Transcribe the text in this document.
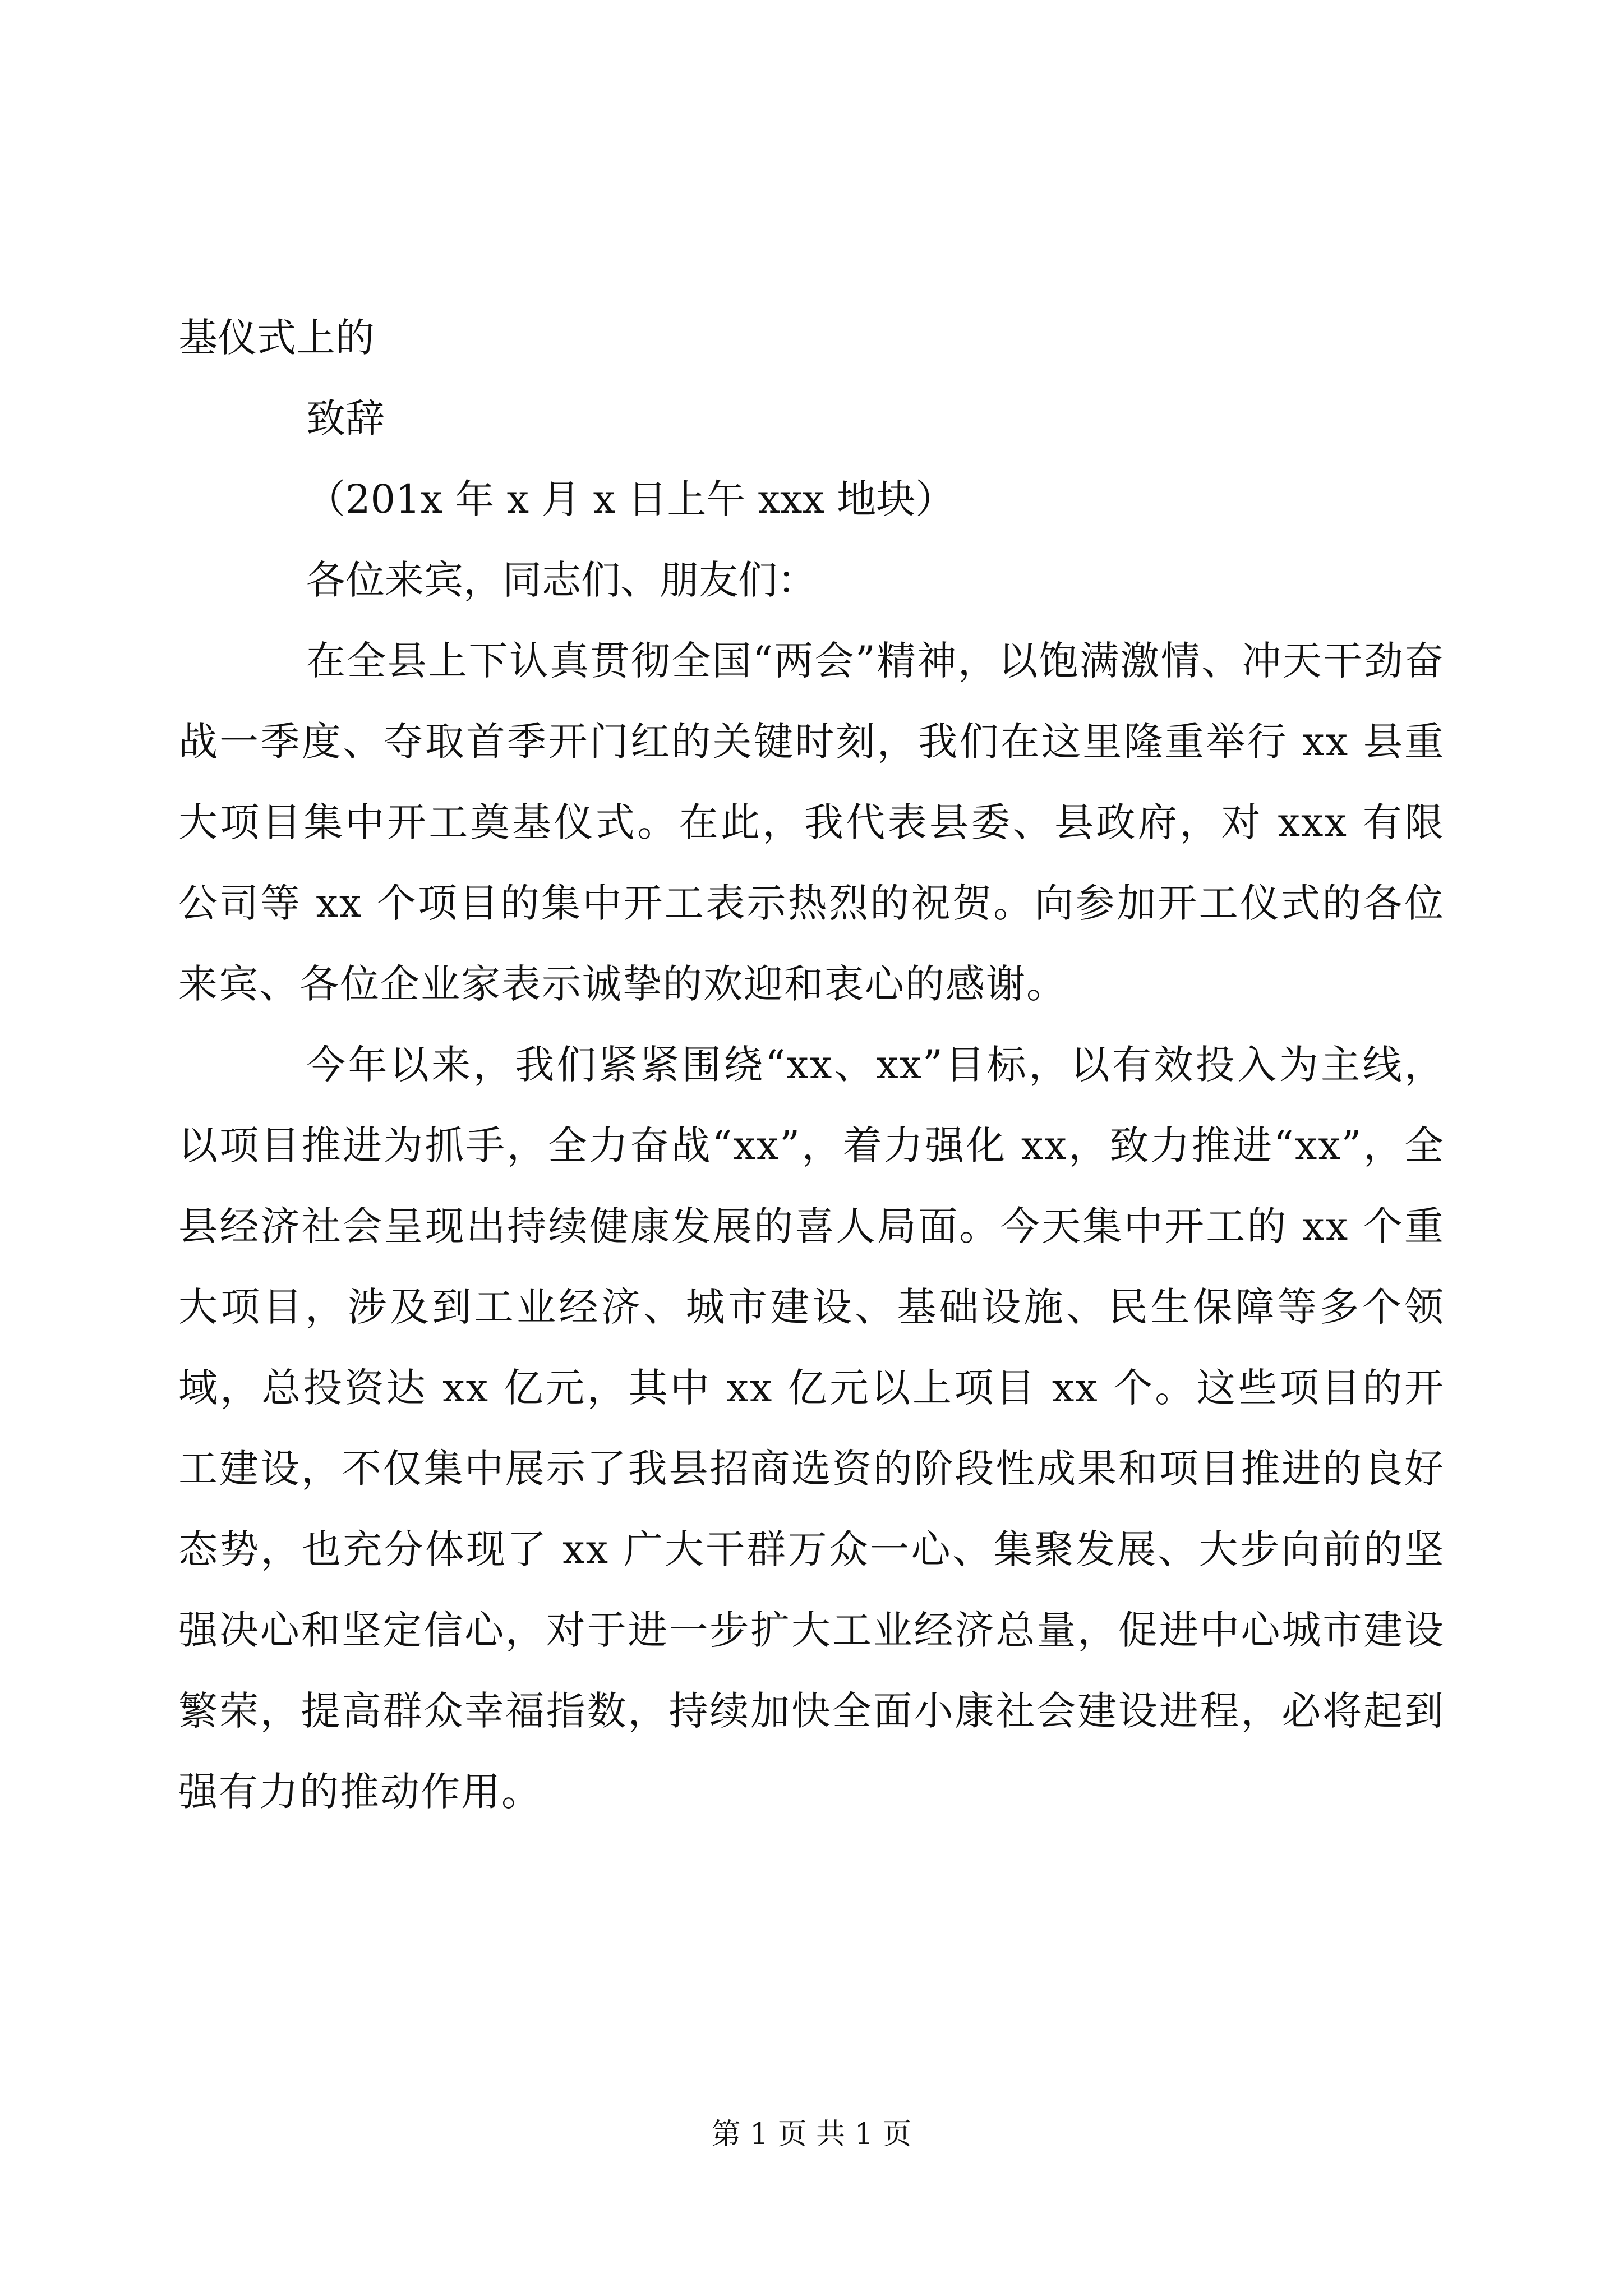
基仪式上的

致辞

（201x 年 x 月 x 日上午 xxx 地块）

各位来宾，同志们、朋友们：

在全县上下认真贯彻全国“两会”精神，以饱满激情、冲天干劲奋战一季度、夺取首季开门红的关键时刻，我们在这里隆重举行 xx 县重大项目集中开工奠基仪式。在此，我代表县委、县政府，对 xxx 有限公司等 xx 个项目的集中开工表示热烈的祝贺。向参加开工仪式的各位来宾、各位企业家表示诚挚的欢迎和衷心的感谢。

今年以来，我们紧紧围绕“xx、xx”目标，以有效投入为主线，以项目推进为抓手，全力奋战“xx”，着力强化 xx，致力推进“xx”，全县经济社会呈现出持续健康发展的喜人局面。今天集中开工的 xx 个重大项目，涉及到工业经济、城市建设、基础设施、民生保障等多个领域，总投资达 xx 亿元，其中 xx 亿元以上项目 xx 个。这些项目的开工建设，不仅集中展示了我县招商选资的阶段性成果和项目推进的良好态势，也充分体现了 xx 广大干群万众一心、集聚发展、大步向前的坚强决心和坚定信心，对于进一步扩大工业经济总量，促进中心城市建设繁荣，提高群众幸福指数，持续加快全面小康社会建设进程，必将起到强有力的推动作用。

第 1 页 共 1 页
